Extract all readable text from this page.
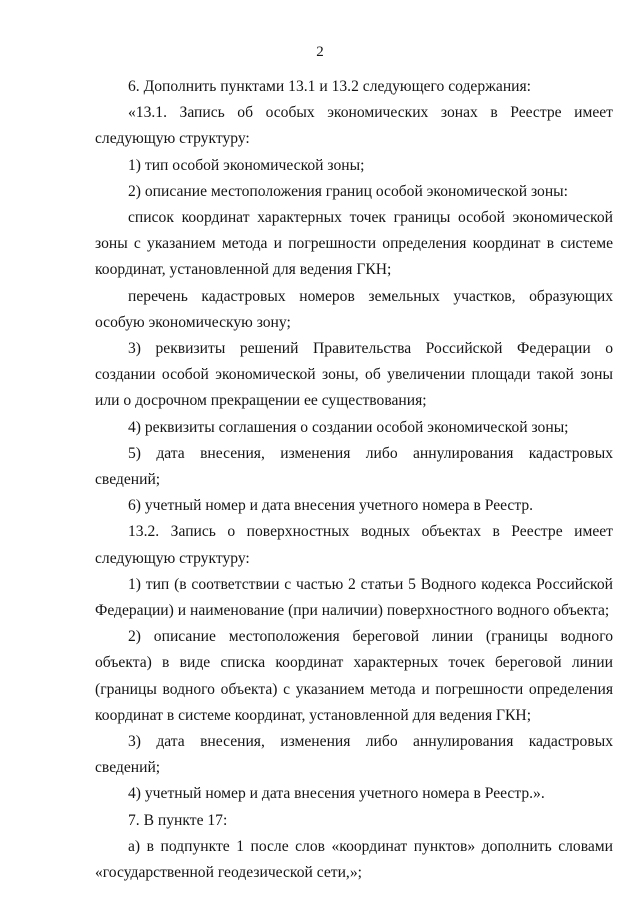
2

6. Дополнить пунктами 13.1 и 13.2 следующего содержания:

«13.1. Запись об особых экономических зонах в Реестре имеет следующую структуру:

1) тип особой экономической зоны;

2) описание местоположения границ особой экономической зоны:

список координат характерных точек границы особой экономической зоны с указанием метода и погрешности определения координат в системе координат, установленной для ведения ГКН;

перечень кадастровых номеров земельных участков, образующих особую экономическую зону;

3) реквизиты решений Правительства Российской Федерации о создании особой экономической зоны, об увеличении площади такой зоны или о досрочном прекращении ее существования;

4) реквизиты соглашения о создании особой экономической зоны;

5) дата внесения, изменения либо аннулирования кадастровых сведений;

6) учетный номер и дата внесения учетного номера в Реестр.

13.2. Запись о поверхностных водных объектах в Реестре имеет следующую структуру:

1) тип (в соответствии с частью 2 статьи 5 Водного кодекса Российской Федерации) и наименование (при наличии) поверхностного водного объекта;

2) описание местоположения береговой линии (границы водного объекта) в виде списка координат характерных точек береговой линии (границы водного объекта) с указанием метода и погрешности определения координат в системе координат, установленной для ведения ГКН;

3) дата внесения, изменения либо аннулирования кадастровых сведений;

4) учетный номер и дата внесения учетного номера в Реестр.».

7. В пункте 17:

а) в подпункте 1 после слов «координат пунктов» дополнить словами «государственной геодезической сети,»;
